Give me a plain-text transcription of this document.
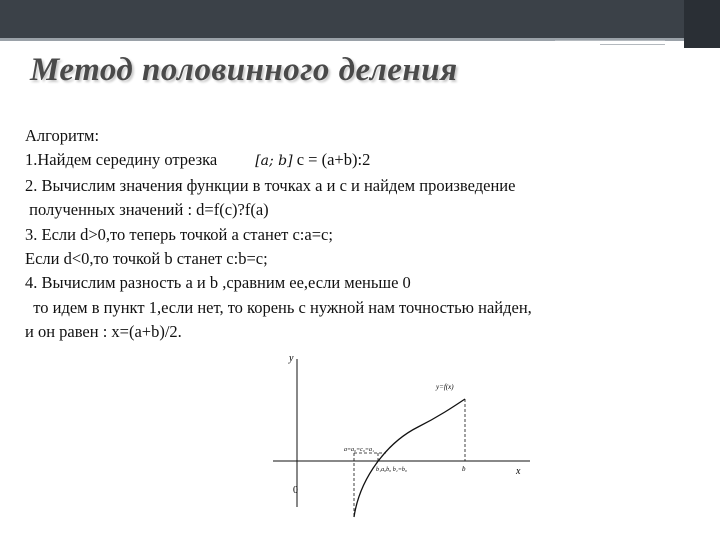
Метод половинного деления
Алгоритм:
1.Найдем середину отрезка	[a; b] c = (a+b):2
2. Вычислим значения функции в точках a и c и найдем произведение
полученных значений : d=f(c)?f(a)
3. Если d>0,то теперь точкой a станет c:a=c;
Если d<0,то точкой b станет c:b=c;
4. Вычислим разность a и b ,сравним ее,если меньше 0
то идем в пункт 1,если нет, то корень с нужной нам точностью найден,
и он равен : x=(a+b)/2.
y
x
0
y=f(x)
a=a₀=c₀=a₁
b₁a₀b₀ b₁=b₀	b
